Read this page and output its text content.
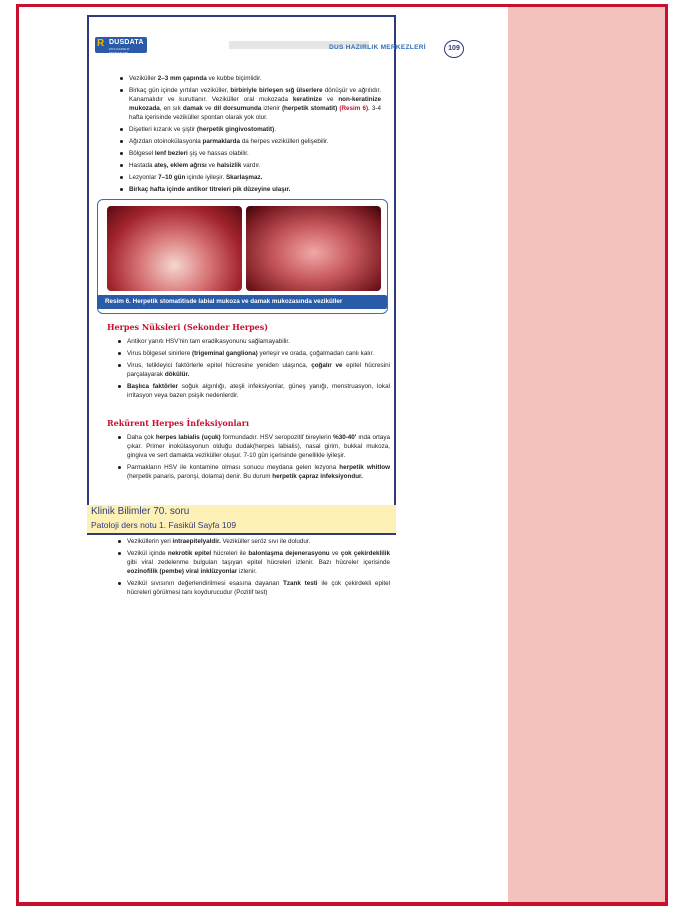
R DUSDATA
DUS HAZIRLIK MERKEZLERİ
Veziküller 2–3 mm çapında ve kubbe biçimlidir.
Birkaç gün içinde yırtılan veziküller, birbiriyle birleşen sığ ülserlere dönüşür ve ağrılıdır. Kanamalıdır ve kurutlanır. Veziküller oral mukozada keratinize ve non-keratinize mukozada, en sık damak ve dil dorsumunda izlenir (herpetik stomatit) (Resim 6). 3-4 hafta içerisinde veziküller spontan olarak yok olur.
Dişetleri kızarık ve şiştir (herpetik gingivostomatit).
Ağızdan otoinokülasyonla parmaklarda da herpes vezikülleri gelişebilir.
Bölgesel lenf bezleri şiş ve hassas olabilir.
Hastada ateş, eklem ağrısı ve halsizlik vardır.
Lezyonlar 7–10 gün içinde iyileşir. Skarlaşmaz.
Birkaç hafta içinde antikor titreleri pik düzeyine ulaşır.
DUS HAZIRLIK MERKEZLERİ	109
Resim 6. Herpetik stomatitisde labial mukoza ve damak mukozasında veziküller
Herpes Nüksleri (Sekonder Herpes)
Antikor yanıtı HSV'nin tam eradikasyonunu sağlamayabilir.
Virus bölgesel sinirlere (trigeminal gangliona) yerleşir ve orada, çoğalmadan canlı kalır.
Virus, tetikleyici faktörlerle epitel hücresine yeniden ulaşınca, çoğalır ve epitel hücresini parçalayarak dökülür.
Başlıca faktörler soğuk algınlığı, ateşli infeksiyonlar, güneş yanığı, menstruasyon, lokal irritasyon veya bazen psişik nedenlerdir.
Rekürent Herpes İnfeksiyonları
Daha çok herpes labialis (uçuk) formundadır. HSV seropozitif bireylerin %30-40' ında ortaya çıkar. Primer inokülasyonun olduğu dudak(herpes labialis), nasal girim, bukkal mukoza, gingiva ve sert damakta veziküller oluşur. 7-10 gün içerisinde genellikle iyileşir.
Parmakların HSV ile kontamine olması sonucu meydana gelen lezyona herpetik whitlow (herpetik panaris, paronşi, dolama) denir. Bu durum herpetik çapraz infeksiyondur.
Klinik Bilimler 70. soru
Patoloji ders notu 1. Fasikül Sayfa 109
Veziküllerin yeri intraepitelyaldir. Veziküller seröz sıvı ile doludur.
Vezikül içinde nekrotik epitel hücreleri ile balonlaşma dejenerasyonu ve çok çekirdeklilik gibi viral zedelenme bulguları taşıyan epitel hücreleri izlenir. Bazı hücreler içerisinde eozinofilik (pembe) viral inklüzyonlar izlenir.
Vezikül sıvısının değerlendirilmesi esasına dayanan Tzank testi ile çok çekirdekli epitel hücreleri görülmesi tanı koydurucudur (Pozitif test)
